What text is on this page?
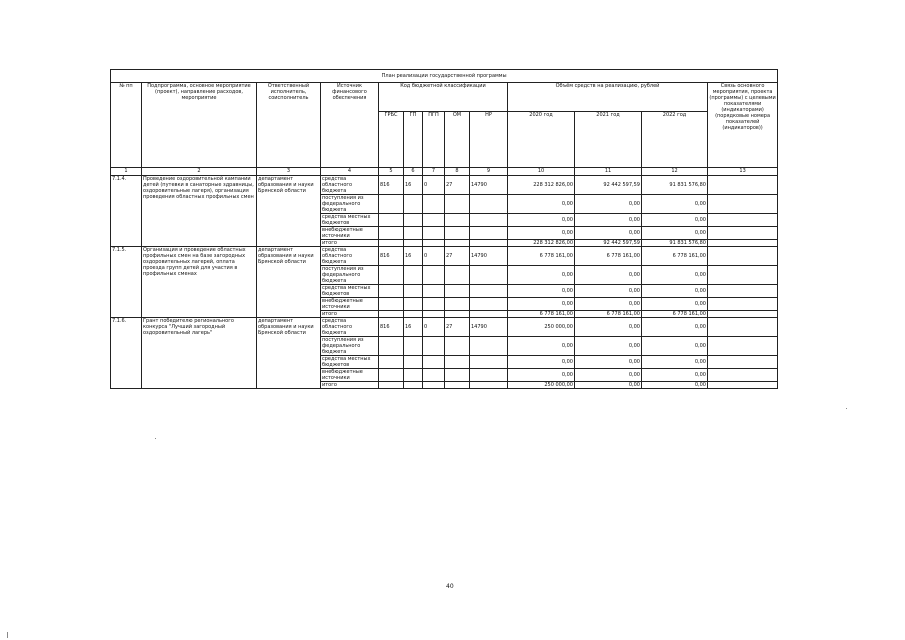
План реализации государственной программы												
№ пп	Подпрограмма, основное мероприятие (проект), направление расходов, мероприятие	Ответственный исполнитель, соисполнитель	Источник финансового обеспечения	Код бюджетной классификации					Объём средств на реализацию, рублей			Связь основного мероприятия, проекта (программы) с целевыми показателями (индикаторами) (порядковые номера показателей (индикаторов))
				ГРБС	ГП	ПГП	ОМ	НР	2020 год	2021 год	2022 год	
1	2	3	4	5	6	7	8	9	10	11	12	13
7.1.4.	Проведение оздоровительной кампании детей (путевки в санаторные здравницы, оздоровительные лагеря), организация проведения областных профильных смен	департамент образования и науки Брянской области	средства областного бюджета	816	16	0	27	14790	228 312 826,00	92 442 597,59	91 831 576,80	
			поступления из федерального бюджета						0,00	0,00	0,00	
			средства местных бюджетов						0,00	0,00	0,00	
			внебюджетные источники						0,00	0,00	0,00	
			итого						228 312 826,00	92 442 597,59	91 831 576,80	
7.1.5.	Организация и проведение областных профильных смен на базе загородных оздоровительных лагерей, оплата проезда групп детей для участия в профильных сменах	департамент образования и науки Брянской области	средства областного бюджета	816	16	0	27	14790	6 778 161,00	6 778 161,00	6 778 161,00	
			поступления из федерального бюджета						0,00	0,00	0,00	
			средства местных бюджетов						0,00	0,00	0,00	
			внебюджетные источники						0,00	0,00	0,00	
			итого						6 778 161,00	6 778 161,00	6 778 161,00	
7.1.6.	Грант победителю регионального конкурса "Лучший загородный оздоровительный лагерь"	департамент образования и науки Брянской области	средства областного бюджета	816	16	0	27	14790	250 000,00	0,00	0,00	
			поступления из федерального бюджета						0,00	0,00	0,00	
			средства местных бюджетов						0,00	0,00	0,00	
			внебюджетные источники						0,00	0,00	0,00	
			итого						250 000,00	0,00	0,00	
40
